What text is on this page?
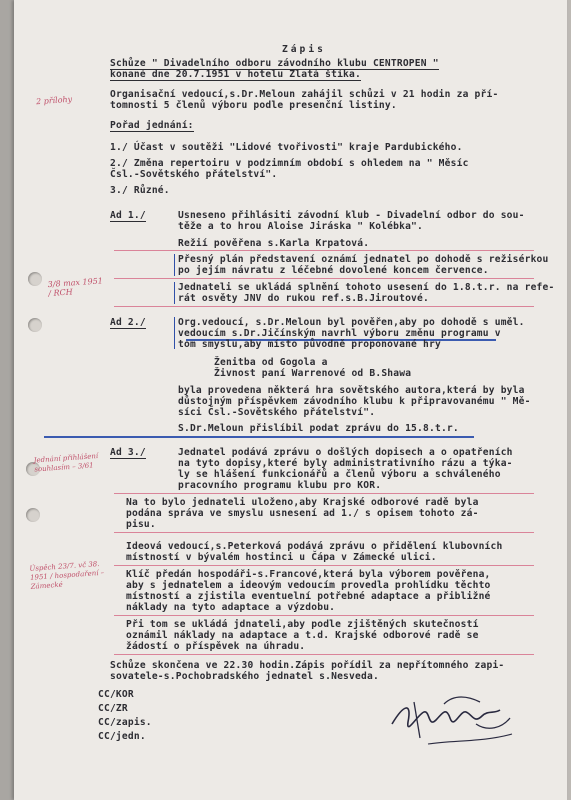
Zápis
Schůze " Divadelního odboru závodního klubu CENTROPEN "
konané dne 20.7.1951 v hotelu Zlatá štika.
2 přílohy
3/8 max 1951 / RCH
Jednání přihlášení souhlasím – 3/61
Úspěch 23/7. vč 38. 1951 / hospodaření – Zámecké
Organisační vedoucí,s.Dr.Meloun zahájil schůzi v 21 hodin za pří-
tomnosti 5 členů výboru podle presenční listiny.
Pořad jednání:
1./ Účast v soutěži "Lidové tvořivosti" kraje Pardubického.
2./ Změna repertoiru v podzimním období s ohledem na " Měsíc
Čsl.-Sovětského přátelství".
3./ Různé.
Ad 1./	Usneseno přihlásiti závodní klub - Divadelní odbor do sou-
těže a to hrou Aloise Jiráska " Kolébka".
Režií pověřena s.Karla Krpatová.
Přesný plán představení oznámí jednatel po dohodě s režisérkou
po jejím návratu z léčebné dovolené koncem července.
Jednateli se ukládá splnění tohoto usesení do 1.8.t.r. na refe-
rát osvěty JNV do rukou ref.s.B.Jiroutové.
Ad 2./	Org.vedoucí, s.Dr.Meloun byl pověřen,aby po dohodě s uměl.
vedoucím s.Dr.Jičínským navrhl výboru změnu programu v
tom smyslu,aby místo původně proponované hry
Ženitba od Gogola a
Živnost paní Warrenové od B.Shawa
byla provedena některá hra sovětského autora,která by byla
důstojným příspěvkem závodního klubu k připravovanému " Mě-
síci Čsl.-Sovětského přátelství".
S.Dr.Meloun přislíbil podat zprávu do 15.8.t.r.
Ad 3./	Jednatel podává zprávu o došlých dopisech a o opatřeních
na tyto dopisy,které byly administrativního rázu a týka-
ly se hlášení funkcionářů a členů výboru a schváleného
pracovního programu klubu pro KOR.
Na to bylo jednateli uloženo,aby Krajské odborové radě byla
podána správa ve smyslu usnesení ad 1./ s opisem tohoto zá-
pisu.
Ideová vedoucí,s.Peterková podává zprávu o přidělení klubovních
místností v bývalém hostinci u Čápa v Zámecké ulici.
Klíč předán hospodáři-s.Francové,která byla výborem pověřena,
aby s jednatelem a ideovým vedoucím provedla prohlídku těchto
místností a zjistila eventuelní potřebné adaptace a přibližné
náklady na tyto adaptace a výzdobu.
Při tom se ukládá jdnateli,aby podle zjištěných skutečností
oznámil náklady na adaptace a t.d. Krajské odborové radě se
žádostí o příspěvek na úhradu.
Schůze skončena ve 22.30 hodin.Zápis pořídil za nepřítomného zapi-
sovatele-s.Pochobradského jednatel s.Nesveda.
CC/KOR
CC/ZR
CC/zapis.
CC/jedn.
